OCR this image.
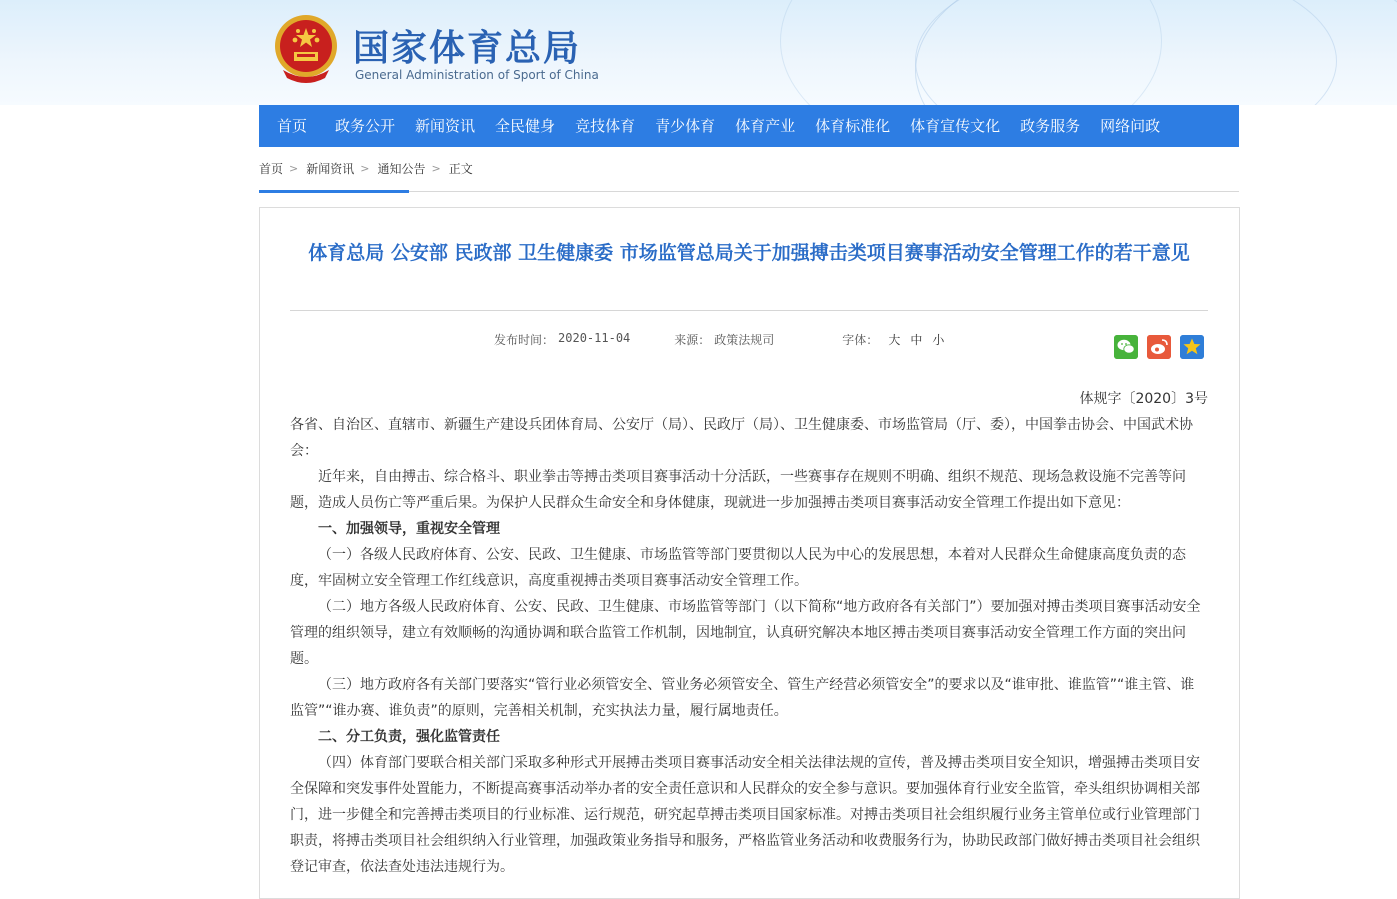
国家体育总局
General Administration of Sport of China
首页	政务公开	新闻资讯	全民健身	竞技体育	青少体育	体育产业	体育标准化	体育宣传文化	政务服务	网络问政
首页 > 新闻资讯 > 通知公告 > 正文
体育总局 公安部 民政部 卫生健康委 市场监管总局关于加强搏击类项目赛事活动安全管理工作的若干意见
发布时间： 2020-11-04	来源： 政策法规司	字体： 大 中 小

体规字〔2020〕3号

各省、自治区、直辖市、新疆生产建设兵团体育局、公安厅（局）、民政厅（局）、卫生健康委、市场监管局（厅、委），中国拳击协会、中国武术协会：

近年来，自由搏击、综合格斗、职业拳击等搏击类项目赛事活动十分活跃，一些赛事存在规则不明确、组织不规范、现场急救设施不完善等问题，造成人员伤亡等严重后果。为保护人民群众生命安全和身体健康，现就进一步加强搏击类项目赛事活动安全管理工作提出如下意见：

一、加强领导，重视安全管理

（一）各级人民政府体育、公安、民政、卫生健康、市场监管等部门要贯彻以人民为中心的发展思想，本着对人民群众生命健康高度负责的态度，牢固树立安全管理工作红线意识，高度重视搏击类项目赛事活动安全管理工作。

（二）地方各级人民政府体育、公安、民政、卫生健康、市场监管等部门（以下简称“地方政府各有关部门”）要加强对搏击类项目赛事活动安全管理的组织领导，建立有效顺畅的沟通协调和联合监管工作机制，因地制宜，认真研究解决本地区搏击类项目赛事活动安全管理工作方面的突出问题。

（三）地方政府各有关部门要落实“管行业必须管安全、管业务必须管安全、管生产经营必须管安全”的要求以及“谁审批、谁监管”“谁主管、谁监管”“谁办赛、谁负责”的原则，完善相关机制，充实执法力量，履行属地责任。

二、分工负责，强化监管责任

（四）体育部门要联合相关部门采取多种形式开展搏击类项目赛事活动安全相关法律法规的宣传，普及搏击类项目安全知识，增强搏击类项目安全保障和突发事件处置能力，不断提高赛事活动举办者的安全责任意识和人民群众的安全参与意识。要加强体育行业安全监管，牵头组织协调相关部门，进一步健全和完善搏击类项目的行业标准、运行规范，研究起草搏击类项目国家标准。对搏击类项目社会组织履行业务主管单位或行业管理部门职责，将搏击类项目社会组织纳入行业管理，加强政策业务指导和服务，严格监管业务活动和收费服务行为，协助民政部门做好搏击类项目社会组织登记审查，依法查处违法违规行为。
